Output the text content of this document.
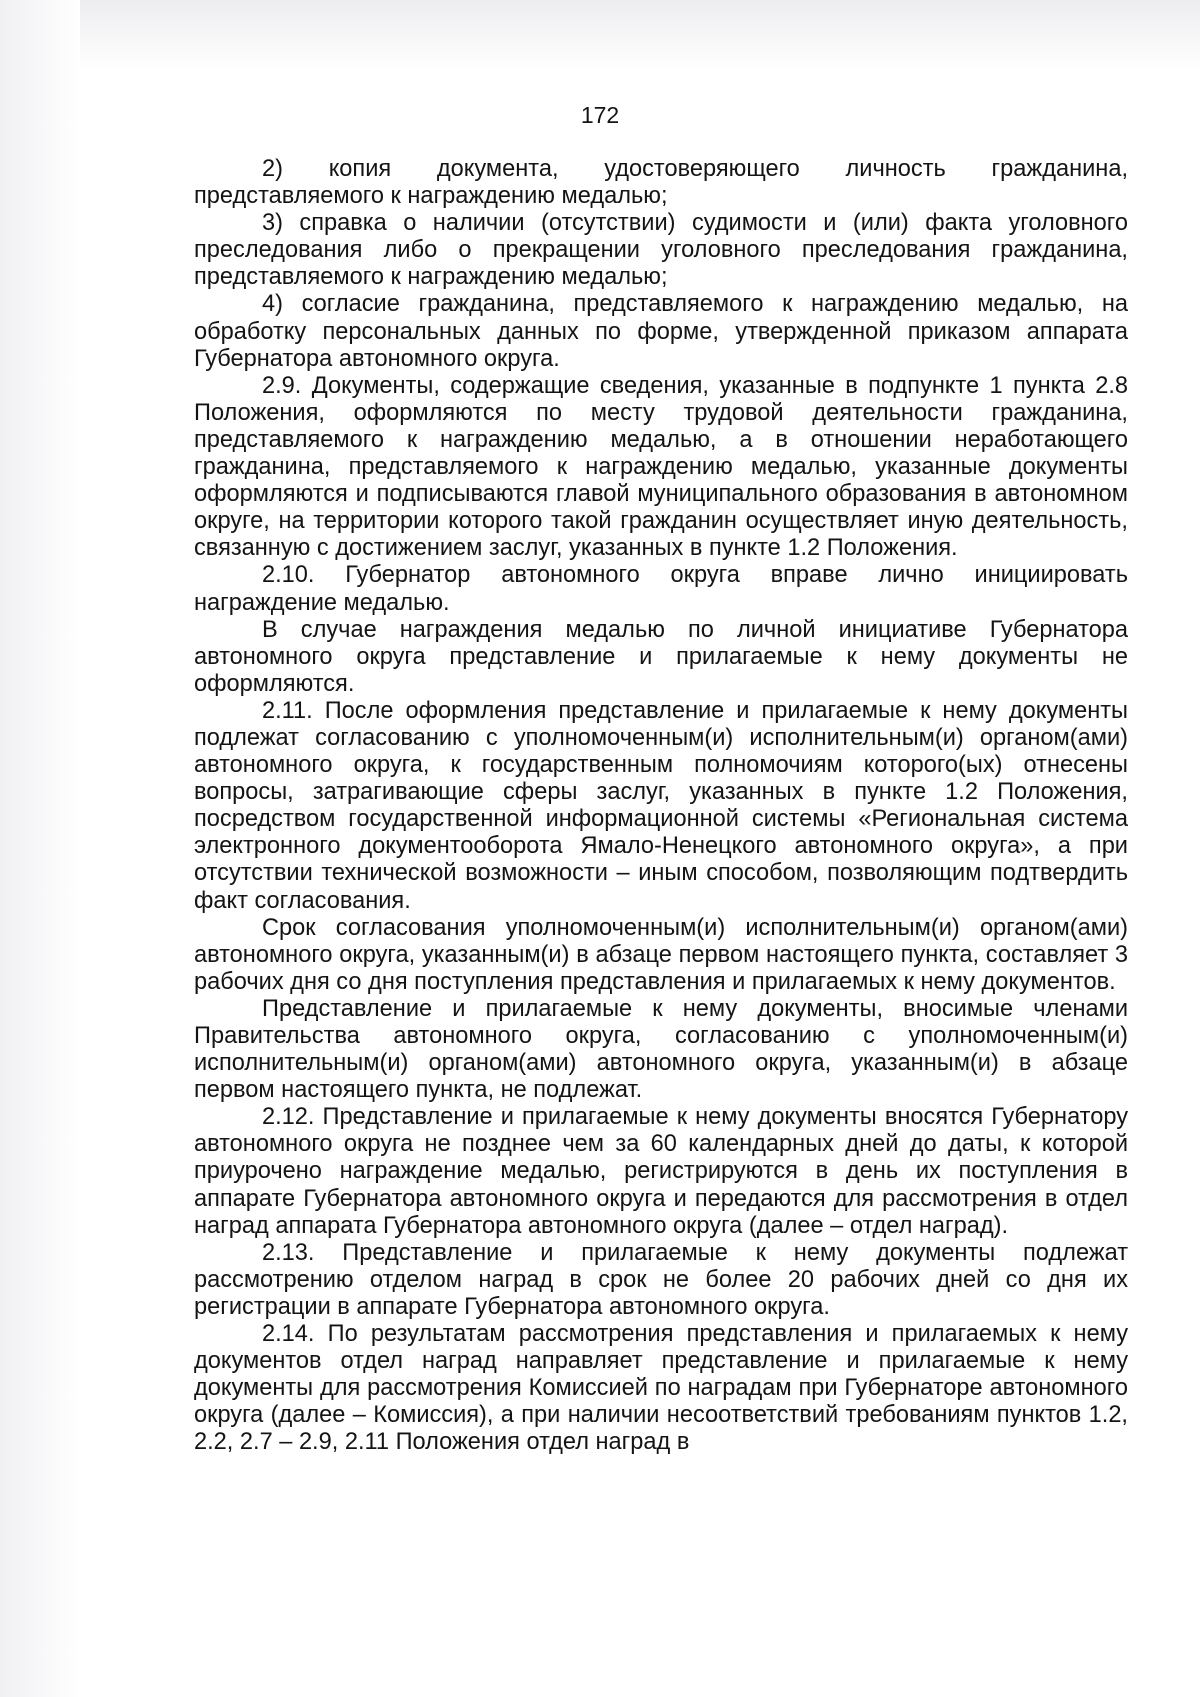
172

2) копия документа, удостоверяющего личность гражданина, представляемого к награждению медалью;

3) справка о наличии (отсутствии) судимости и (или) факта уголовного преследования либо о прекращении уголовного преследования гражданина, представляемого к награждению медалью;

4) согласие гражданина, представляемого к награждению медалью, на обработку персональных данных по форме, утвержденной приказом аппарата Губернатора автономного округа.

2.9. Документы, содержащие сведения, указанные в подпункте 1 пункта 2.8 Положения, оформляются по месту трудовой деятельности гражданина, представляемого к награждению медалью, а в отношении неработающего гражданина, представляемого к награждению медалью, указанные документы оформляются и подписываются главой муниципального образования в автономном округе, на территории которого такой гражданин осуществляет иную деятельность, связанную с достижением заслуг, указанных в пункте 1.2 Положения.

2.10. Губернатор автономного округа вправе лично инициировать награждение медалью.

В случае награждения медалью по личной инициативе Губернатора автономного округа представление и прилагаемые к нему документы не оформляются.

2.11. После оформления представление и прилагаемые к нему документы подлежат согласованию с уполномоченным(и) исполнительным(и) органом(ами) автономного округа, к государственным полномочиям которого(ых) отнесены вопросы, затрагивающие сферы заслуг, указанных в пункте 1.2 Положения, посредством государственной информационной системы «Региональная система электронного документооборота Ямало-Ненецкого автономного округа», а при отсутствии технической возможности – иным способом, позволяющим подтвердить факт согласования.

Срок согласования уполномоченным(и) исполнительным(и) органом(ами) автономного округа, указанным(и) в абзаце первом настоящего пункта, составляет 3 рабочих дня со дня поступления представления и прилагаемых к нему документов.

Представление и прилагаемые к нему документы, вносимые членами Правительства автономного округа, согласованию с уполномоченным(и) исполнительным(и) органом(ами) автономного округа, указанным(и) в абзаце первом настоящего пункта, не подлежат.

2.12. Представление и прилагаемые к нему документы вносятся Губернатору автономного округа не позднее чем за 60 календарных дней до даты, к которой приурочено награждение медалью, регистрируются в день их поступления в аппарате Губернатора автономного округа и передаются для рассмотрения в отдел наград аппарата Губернатора автономного округа (далее – отдел наград).

2.13. Представление и прилагаемые к нему документы подлежат рассмотрению отделом наград в срок не более 20 рабочих дней со дня их регистрации в аппарате Губернатора автономного округа.

2.14. По результатам рассмотрения представления и прилагаемых к нему документов отдел наград направляет представление и прилагаемые к нему документы для рассмотрения Комиссией по наградам при Губернаторе автономного округа (далее – Комиссия), а при наличии несоответствий требованиям пунктов 1.2, 2.2, 2.7 – 2.9, 2.11 Положения отдел наград в
